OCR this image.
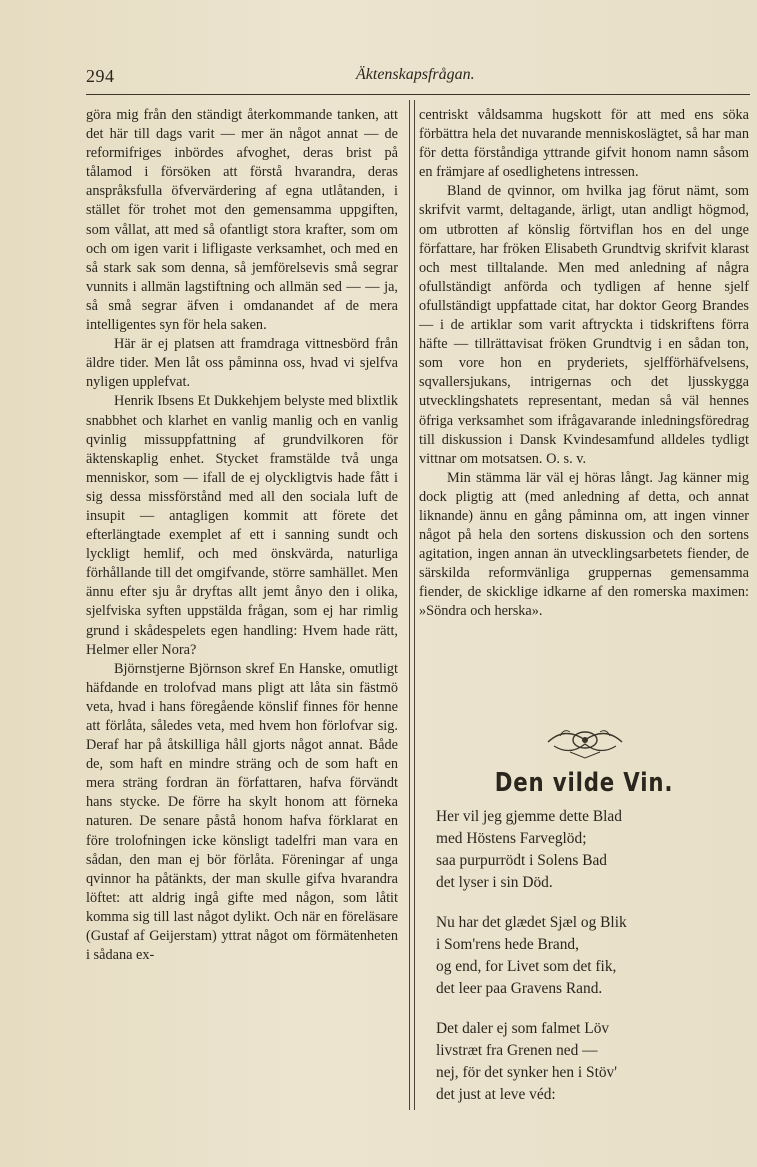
294	Äktenskapsfrågan.

göra mig från den ständigt återkommande tanken, att det här till dags varit — mer än något annat — de reformifriges inbördes afvoghet, deras brist på tålamod i försöken att förstå hvarandra, deras anspråksfulla öfvervärdering af egna utlåtanden, i stället för trohet mot den gemensamma uppgiften, som vållat, att med så ofantligt stora krafter, som om och om igen varit i lifligaste verksamhet, och med en så stark sak som denna, så jemförelsevis små segrar vunnits i allmän lagstiftning och allmän sed — — ja, så små segrar äfven i omdanandet af de mera intelligentes syn för hela saken.

Här är ej platsen att framdraga vittnesbörd från äldre tider. Men låt oss påminna oss, hvad vi sjelfva nyligen upplefvat.

Henrik Ibsens Et Dukkehjem belyste med blixtlik snabbhet och klarhet en vanlig manlig och en vanlig qvinlig missuppfattning af grundvilkoren för äktenskaplig enhet. Stycket framstälde två unga menniskor, som — ifall de ej olyckligtvis hade fått i sig dessa missförstånd med all den sociala luft de insupit — antagligen kommit att förete det efterlängtade exemplet af ett i sanning sundt och lyckligt hemlif, och med önskvärda, naturliga förhållande till det omgifvande, större samhället. Men ännu efter sju år dryftas allt jemt ånyo den i olika, sjelfviska syften uppstälda frågan, som ej har rimlig grund i skådespelets egen handling: Hvem hade rätt, Helmer eller Nora?

Björnstjerne Björnson skref En Hanske, omutligt häfdande en trolofvad mans pligt att låta sin fästmö veta, hvad i hans föregående könslif finnes för henne att förlåta, således veta, med hvem hon förlofvar sig. Deraf har på åtskilliga håll gjorts något annat. Både de, som haft en mindre sträng och de som haft en mera sträng fordran än författaren, hafva förvändt hans stycke. De förre ha skylt honom att förneka naturen. De senare påstå honom hafva förklarat en före trolofningen icke könsligt tadelfri man vara en sådan, den man ej bör förlåta. Föreningar af unga qvinnor ha påtänkts, der man skulle gifva hvarandra löftet: att aldrig ingå gifte med någon, som låtit komma sig till last något dylikt. Och när en föreläsare (Gustaf af Geijerstam) yttrat något om förmätenheten i sådana ex-

centriskt våldsamma hugskott för att med ens söka förbättra hela det nuvarande menniskoslägtet, så har man för detta förståndiga yttrande gifvit honom namn såsom en främjare af osedlighetens intressen.

Bland de qvinnor, om hvilka jag förut nämt, som skrifvit varmt, deltagande, ärligt, utan andligt högmod, om utbrotten af könslig förtviflan hos en del unge författare, har fröken Elisabeth Grundtvig skrifvit klarast och mest tilltalande. Men med anledning af några ofullständigt anförda och tydligen af henne sjelf ofullständigt uppfattade citat, har doktor Georg Brandes — i de artiklar som varit aftryckta i tidskriftens förra häfte — tillrättavisat fröken Grundtvig i en sådan ton, som vore hon en pryderiets, sjelfförhäfvelsens, sqvallersjukans, intrigernas och det ljusskygga utvecklingshatets representant, medan så väl hennes öfriga verksamhet som ifrågavarande inledningsföredrag till diskussion i Dansk Kvindesamfund alldeles tydligt vittnar om motsatsen. O. s. v.

Min stämma lär väl ej höras långt. Jag känner mig dock pligtig att (med anledning af detta, och annat liknande) ännu en gång påminna om, att ingen vinner något på hela den sortens diskussion och den sortens agitation, ingen annan än utvecklingsarbetets fiender, de särskilda reformvänliga gruppernas gemensamma fiender, de skicklige idkarne af den romerska maximen: »Söndra och herska».

Den vilde Vin.
Her vil jeg gjemme dette Blad
med Höstens Farveglöd;
saa purpurrödt i Solens Bad
det lyser i sin Död.
Nu har det glædet Sjæl og Blik
i Som'rens hede Brand,
og end, for Livet som det fik,
det leer paa Gravens Rand.
Det daler ej som falmet Löv
livstræt fra Grenen ned —
nej, för det synker hen i Stöv'
det just at leve véd:
